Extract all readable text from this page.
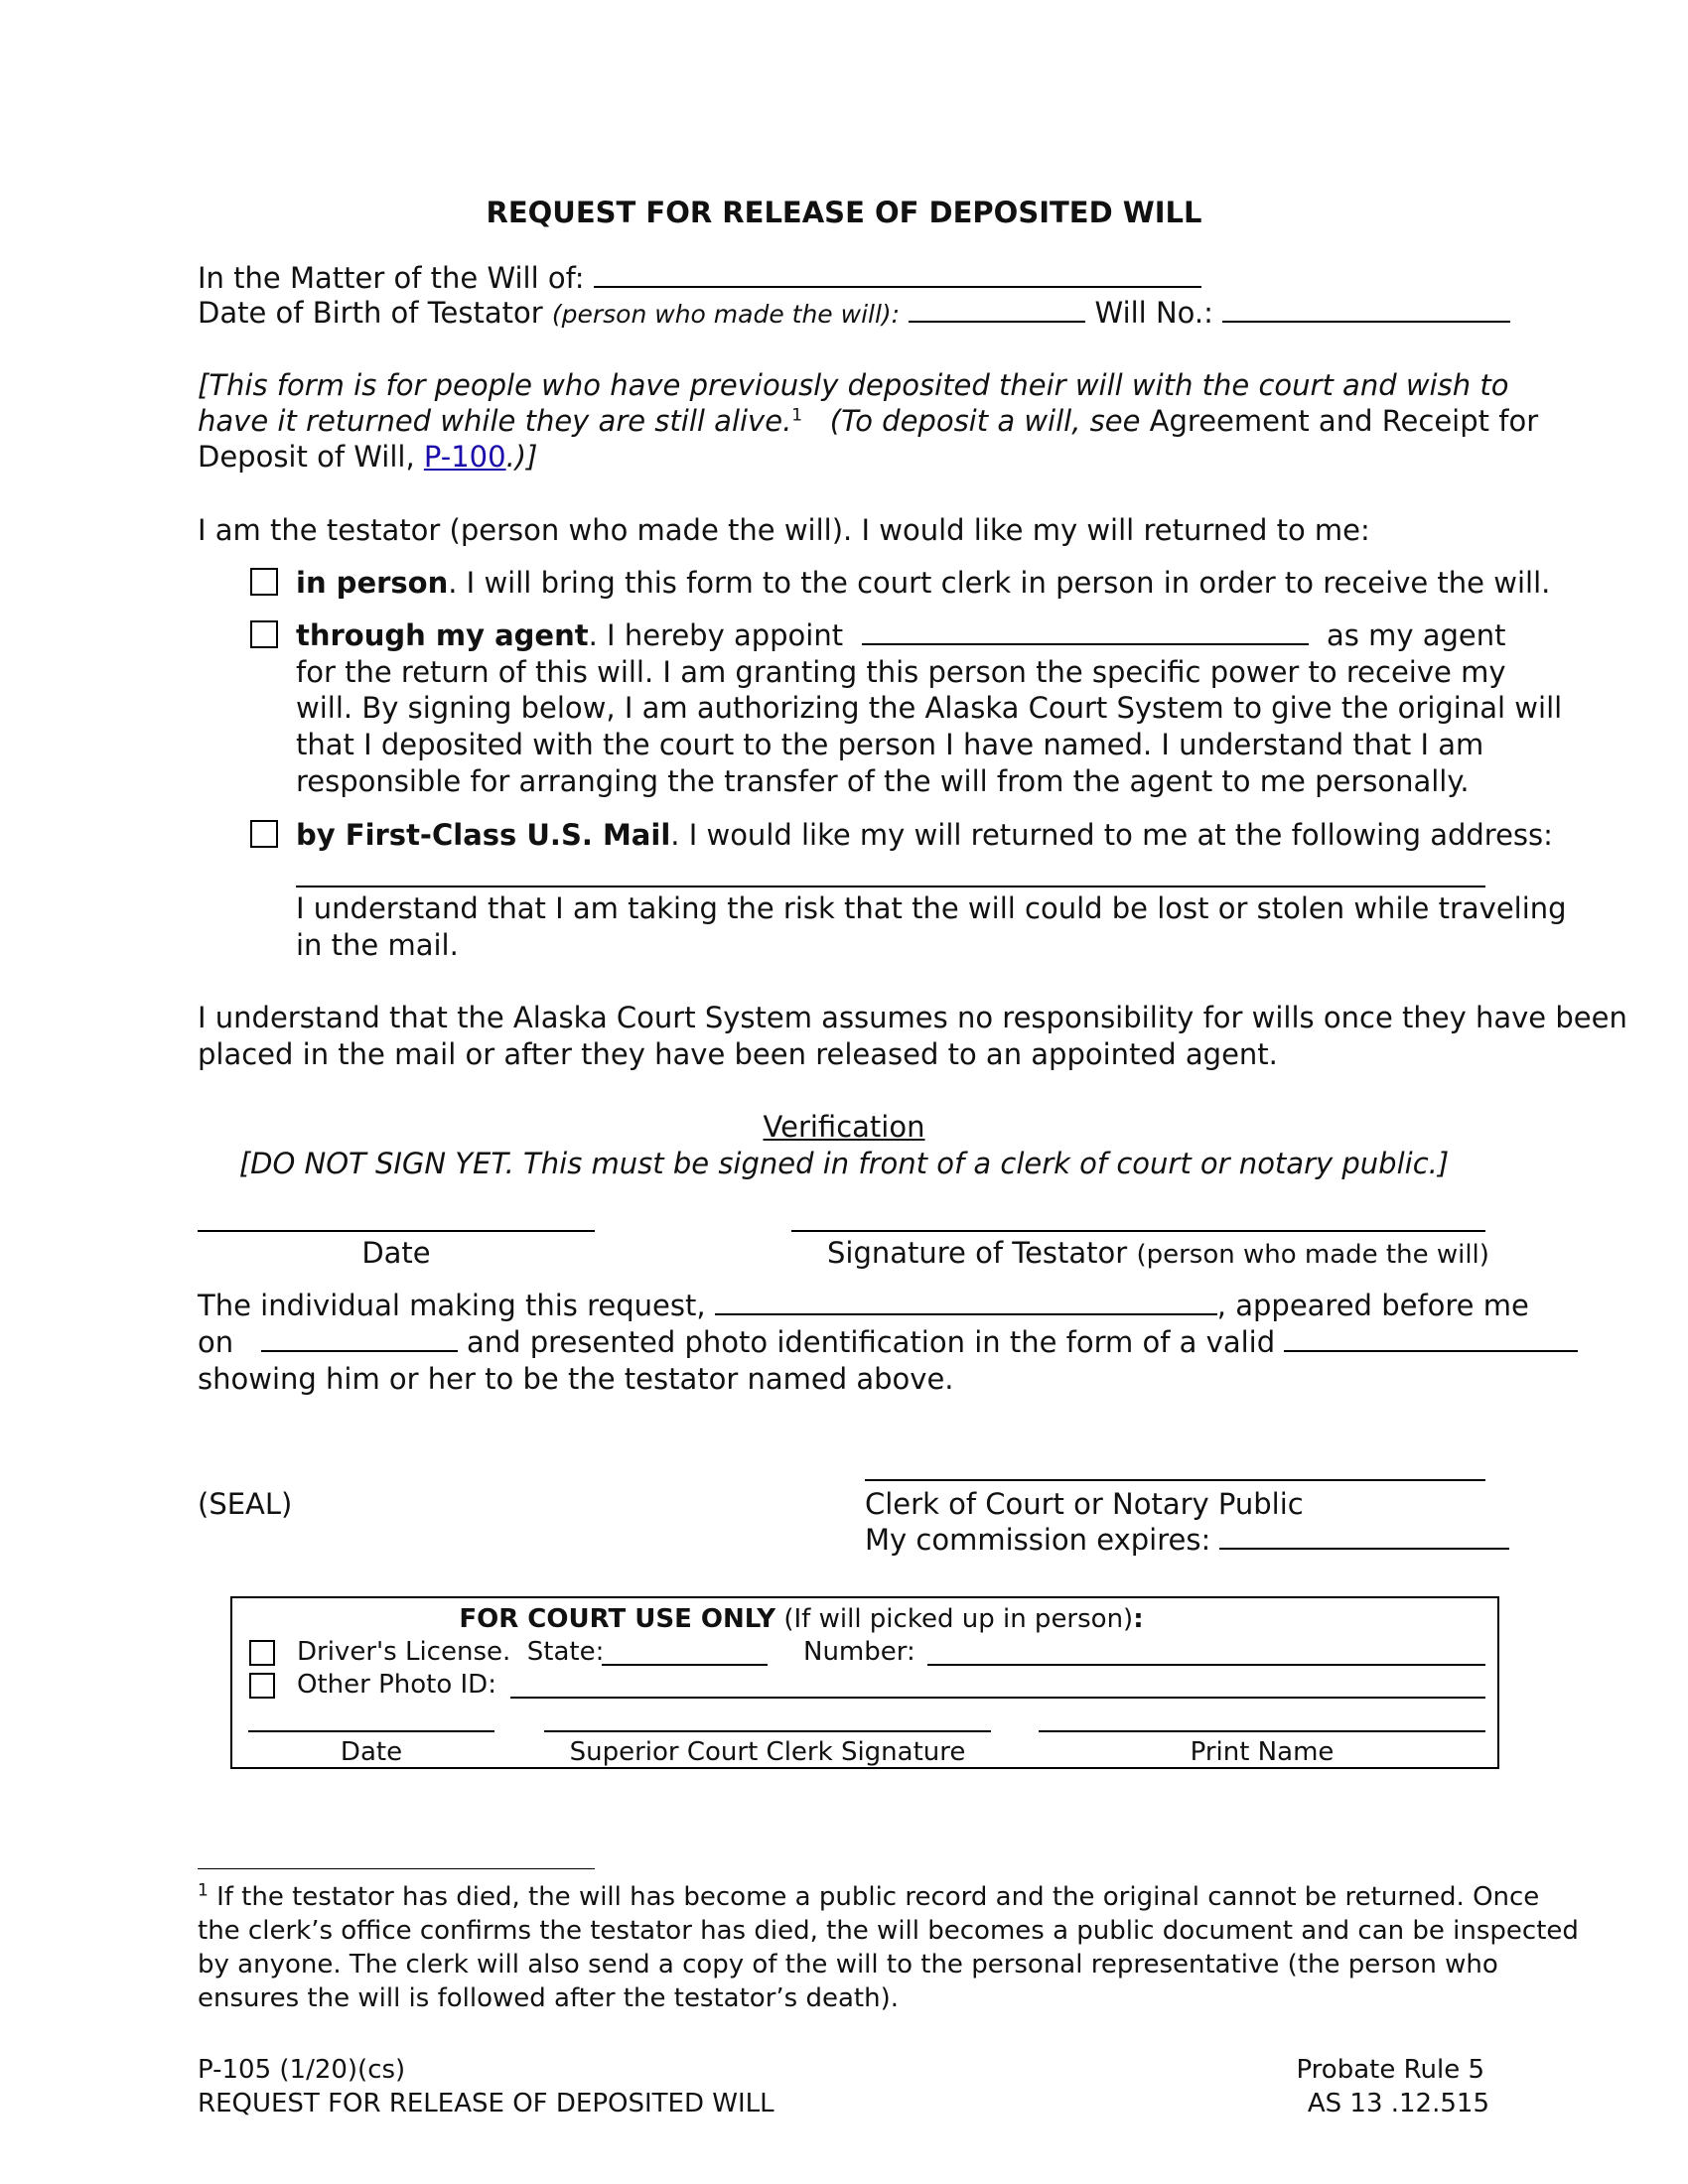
REQUEST FOR RELEASE OF DEPOSITED WILL
In the Matter of the Will of:
Date of Birth of Testator (person who made the will):	Will No.:
[This form is for people who have previously deposited their will with the court and wish to
have it returned while they are still alive.$^1$ (To deposit a will, see Agreement and Receipt for
Deposit of Will, P-100.)]
I am the testator (person who made the will). I would like my will returned to me:
in person. I will bring this form to the court clerk in person in order to receive the will.
through my agent. I hereby appoint	as my agent
for the return of this will. I am granting this person the specific power to receive my
will. By signing below, I am authorizing the Alaska Court System to give the original will
that I deposited with the court to the person I have named. I understand that I am
responsible for arranging the transfer of the will from the agent to me personally.
by First-Class U.S. Mail. I would like my will returned to me at the following address:
I understand that I am taking the risk that the will could be lost or stolen while traveling
in the mail.
I understand that the Alaska Court System assumes no responsibility for wills once they have been
placed in the mail or after they have been released to an appointed agent.
Verification
[DO NOT SIGN YET. This must be signed in front of a clerk of court or notary public.]
Date	Signature of Testator (person who made the will)
The individual making this request,	, appeared before me
on	and presented photo identification in the form of a valid
showing him or her to be the testator named above.
(SEAL)	Clerk of Court or Notary Public
My commission expires:
FOR COURT USE ONLY (If will picked up in person):
Driver's License. State:	Number:
Other Photo ID:
Date	Superior Court Clerk Signature	Print Name
$^1$ If the testator has died, the will has become a public record and the original cannot be returned. Once
the clerk’s office confirms the testator has died, the will becomes a public document and can be inspected
by anyone. The clerk will also send a copy of the will to the personal representative (the person who
ensures the will is followed after the testator’s death).
P-105 (1/20)(cs)
REQUEST FOR RELEASE OF DEPOSITED WILL
Probate Rule 5
AS 13 .12.515
